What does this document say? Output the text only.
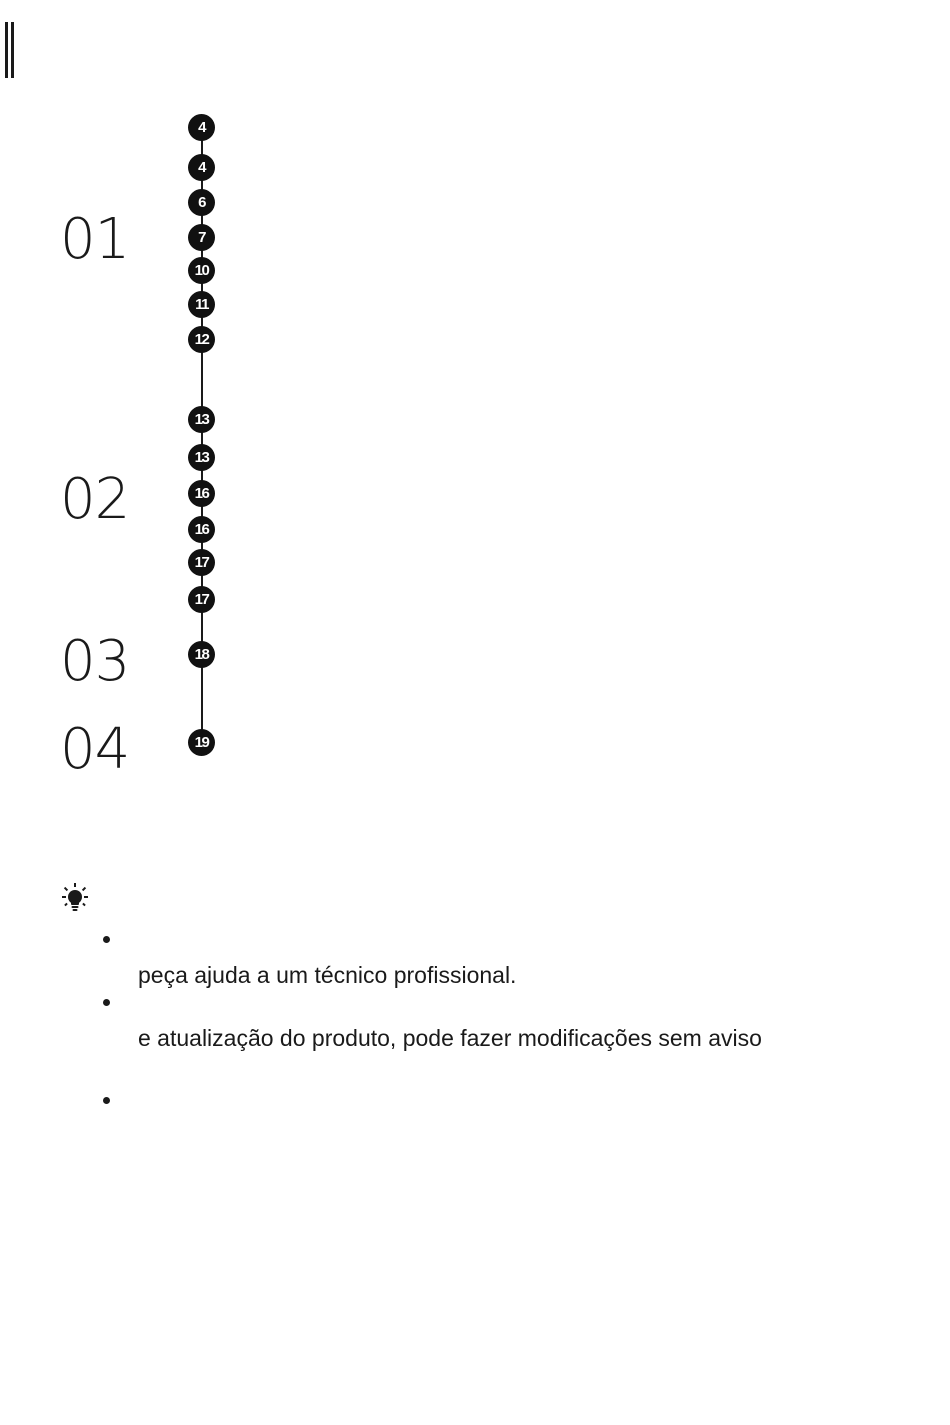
01
02
03
04
4
4
6
7
10
11
12
13
13
16
16
17
17
18
19
peça ajuda a um técnico profissional.
e atualização do produto, pode fazer modificações sem aviso
